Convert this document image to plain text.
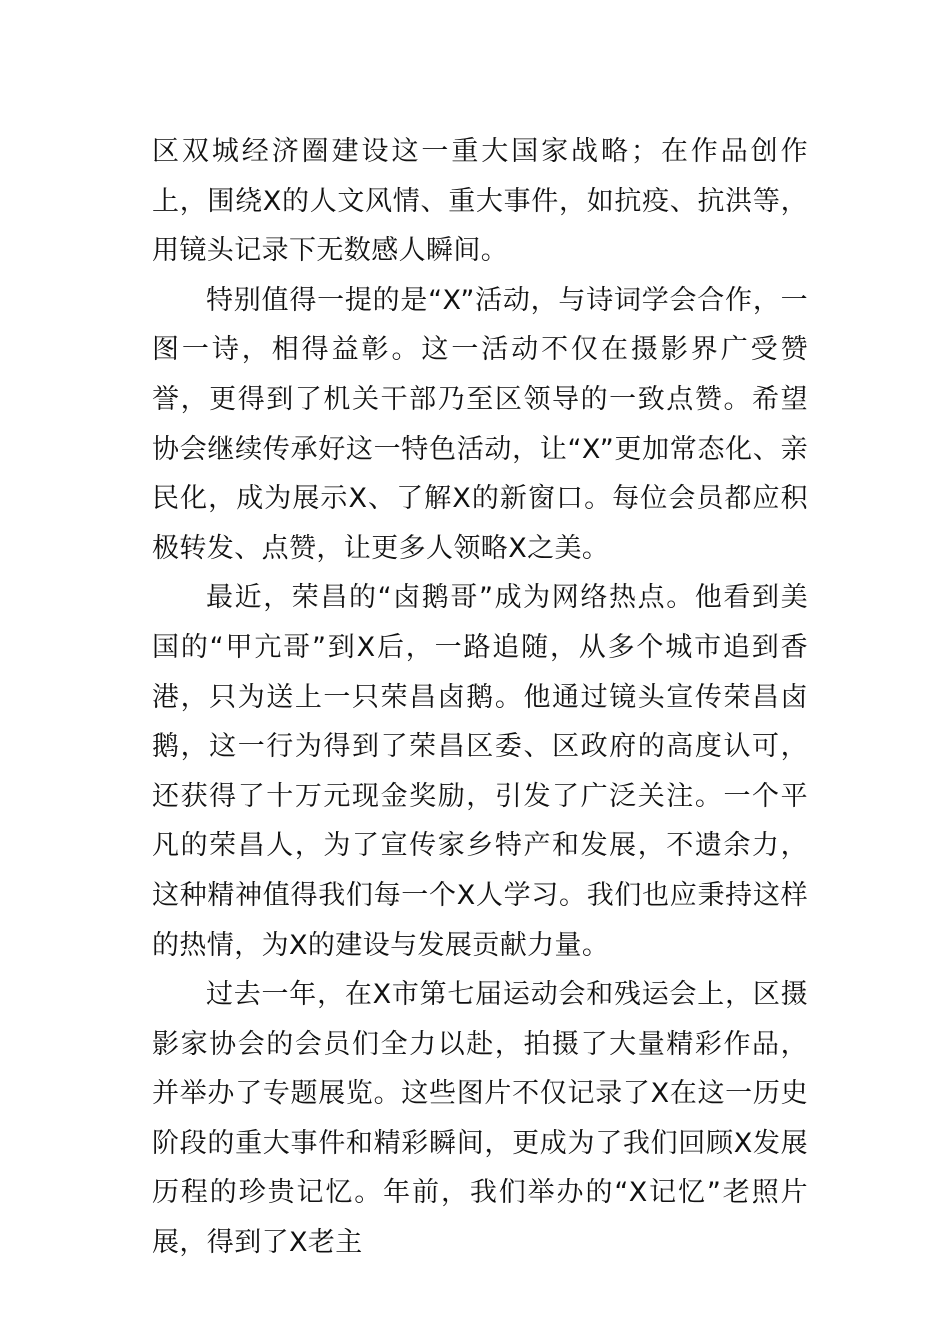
区双城经济圈建设这一重大国家战略；在作品创作上，围绕X的人文风情、重大事件，如抗疫、抗洪等，用镜头记录下无数感人瞬间。

特别值得一提的是“X”活动，与诗词学会合作，一图一诗，相得益彰。这一活动不仅在摄影界广受赞誉，更得到了机关干部乃至区领导的一致点赞。希望协会继续传承好这一特色活动，让“X”更加常态化、亲民化，成为展示X、了解X的新窗口。每位会员都应积极转发、点赞，让更多人领略X之美。

最近，荣昌的“卤鹅哥”成为网络热点。他看到美国的“甲亢哥”到X后，一路追随，从多个城市追到香港，只为送上一只荣昌卤鹅。他通过镜头宣传荣昌卤鹅，这一行为得到了荣昌区委、区政府的高度认可，还获得了十万元现金奖励，引发了广泛关注。一个平凡的荣昌人，为了宣传家乡特产和发展，不遗余力，这种精神值得我们每一个X人学习。我们也应秉持这样的热情，为X的建设与发展贡献力量。

过去一年，在X市第七届运动会和残运会上，区摄影家协会的会员们全力以赴，拍摄了大量精彩作品，并举办了专题展览。这些图片不仅记录了X在这一历史阶段的重大事件和精彩瞬间，更成为了我们回顾X发展历程的珍贵记忆。年前，我们举办的“X记忆”老照片展，得到了X老主
